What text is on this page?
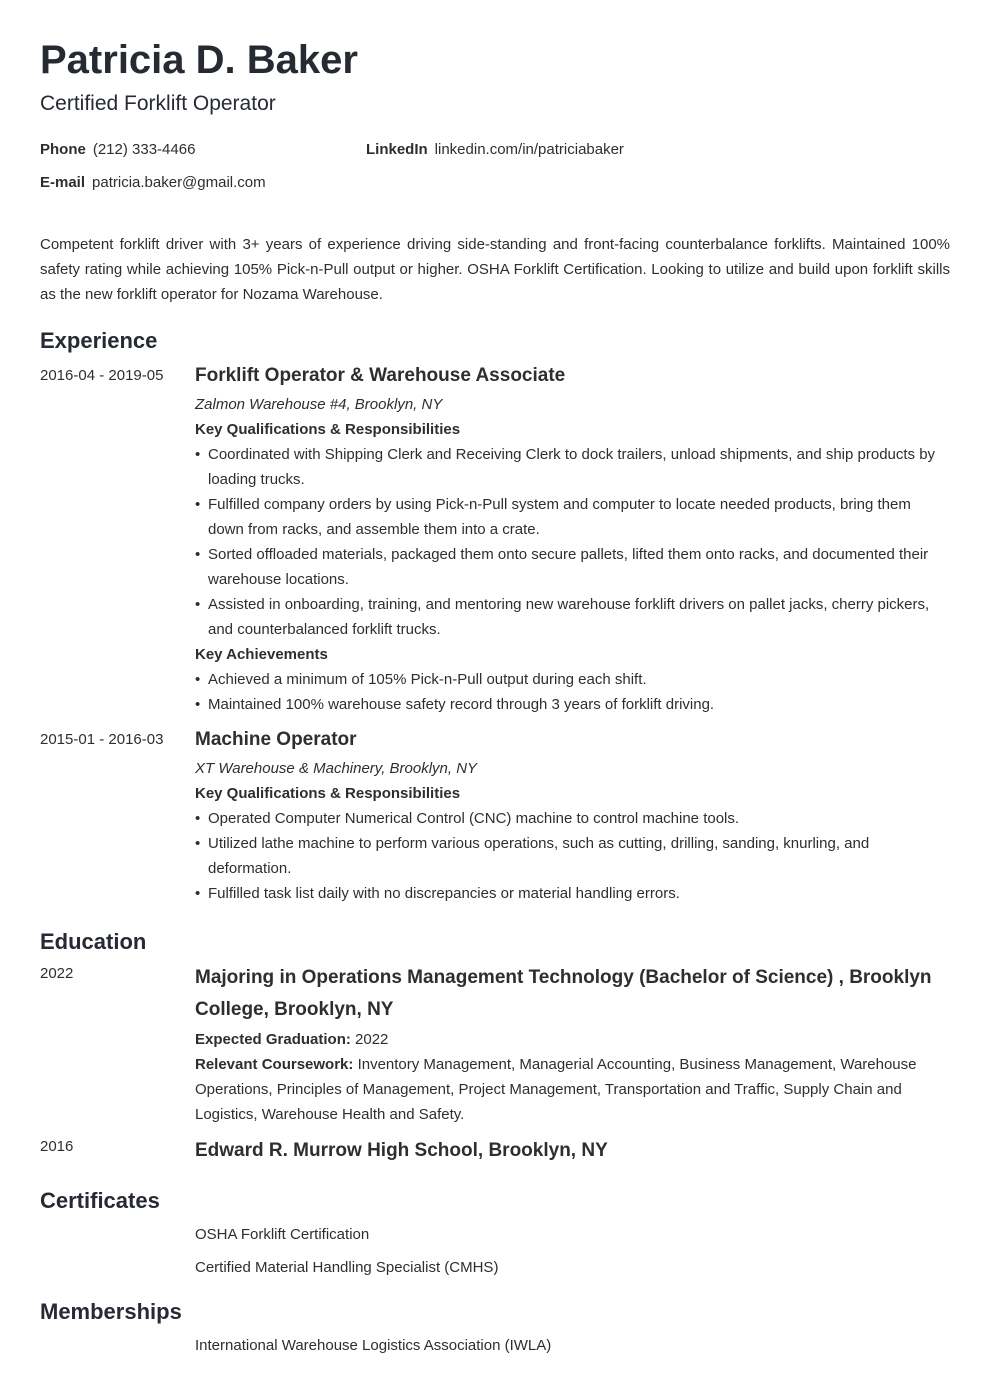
Patricia D. Baker
Certified Forklift Operator
Phone (212) 333-4466	LinkedIn linkedin.com/in/patriciabaker
E-mail patricia.baker@gmail.com

Competent forklift driver with 3+ years of experience driving side-standing and front-facing counterbalance forklifts. Maintained 100% safety rating while achieving 105% Pick-n-Pull output or higher. OSHA Forklift Certification. Looking to utilize and build upon forklift skills as the new forklift operator for Nozama Warehouse.

Experience
2016-04 - 2019-05	Forklift Operator & Warehouse Associate
Zalmon Warehouse #4, Brooklyn, NY
Key Qualifications & Responsibilities
• Coordinated with Shipping Clerk and Receiving Clerk to dock trailers, unload shipments, and ship products by loading trucks.
• Fulfilled company orders by using Pick-n-Pull system and computer to locate needed products, bring them down from racks, and assemble them into a crate.
• Sorted offloaded materials, packaged them onto secure pallets, lifted them onto racks, and documented their warehouse locations.
• Assisted in onboarding, training, and mentoring new warehouse forklift drivers on pallet jacks, cherry pickers, and counterbalanced forklift trucks.
Key Achievements
• Achieved a minimum of 105% Pick-n-Pull output during each shift.
• Maintained 100% warehouse safety record through 3 years of forklift driving.
2015-01 - 2016-03	Machine Operator
XT Warehouse & Machinery, Brooklyn, NY
Key Qualifications & Responsibilities
• Operated Computer Numerical Control (CNC) machine to control machine tools.
• Utilized lathe machine to perform various operations, such as cutting, drilling, sanding, knurling, and deformation.
• Fulfilled task list daily with no discrepancies or material handling errors.
Education
2022	Majoring in Operations Management Technology (Bachelor of Science) , Brooklyn College, Brooklyn, NY
Expected Graduation: 2022
Relevant Coursework: Inventory Management, Managerial Accounting, Business Management, Warehouse Operations, Principles of Management, Project Management, Transportation and Traffic, Supply Chain and Logistics, Warehouse Health and Safety.
2016	Edward R. Murrow High School, Brooklyn, NY
Certificates
OSHA Forklift Certification
Certified Material Handling Specialist (CMHS)
Memberships
International Warehouse Logistics Association (IWLA)
